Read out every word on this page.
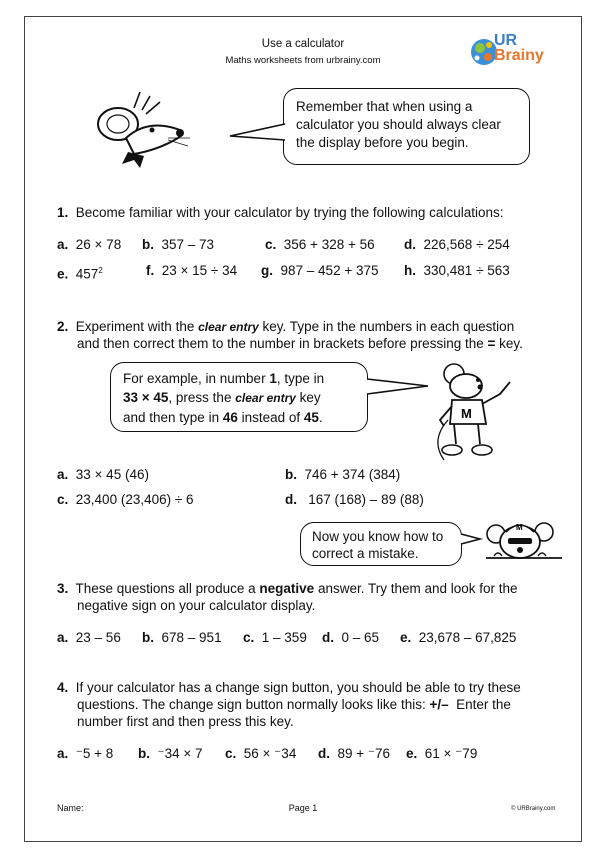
Use a calculator
Maths worksheets from urbrainy.com
UR
Brainy
Remember that when using a calculator you should always clear the display before you begin.
1. Become familiar with your calculator by trying the following calculations:
a. 26 × 78 b. 357 – 73	c. 356 + 328 + 56 d. 226,568 ÷ 254
e. $457^2$	f. 23 × 15 ÷ 34 g. 987 – 452 + 375 h. 330,481 ÷ 563
2. Experiment with the clear entry key. Type in the numbers in each question
and then correct them to the number in brackets before pressing the = key.
For example, in number 1, type in
33 × 45, press the clear entry key
and then type in 46 instead of 45.	M
a. 33 × 45 (46)	b. 746 + 374 (384)
c. 23,400 (23,406) ÷ 6	d. 167 (168) – 89 (88)
Now you know how to correct a mistake.
M
3. These questions all produce a negative answer. Try them and look for the
negative sign on your calculator display.
a. 23 – 56 b. 678 – 951 c. 1 – 359 d. 0 – 65 e. 23,678 – 67,825
4. If your calculator has a change sign button, you should be able to try these
questions. The change sign button normally looks like this: +/–  Enter the
number first and then press this key.
a. ⁻5 + 8 b. ⁻34 × 7 c. 56 × ⁻34 d. 89 + ⁻76 e. 61 × ⁻79
Name:	Page 1	© URBrainy.com
